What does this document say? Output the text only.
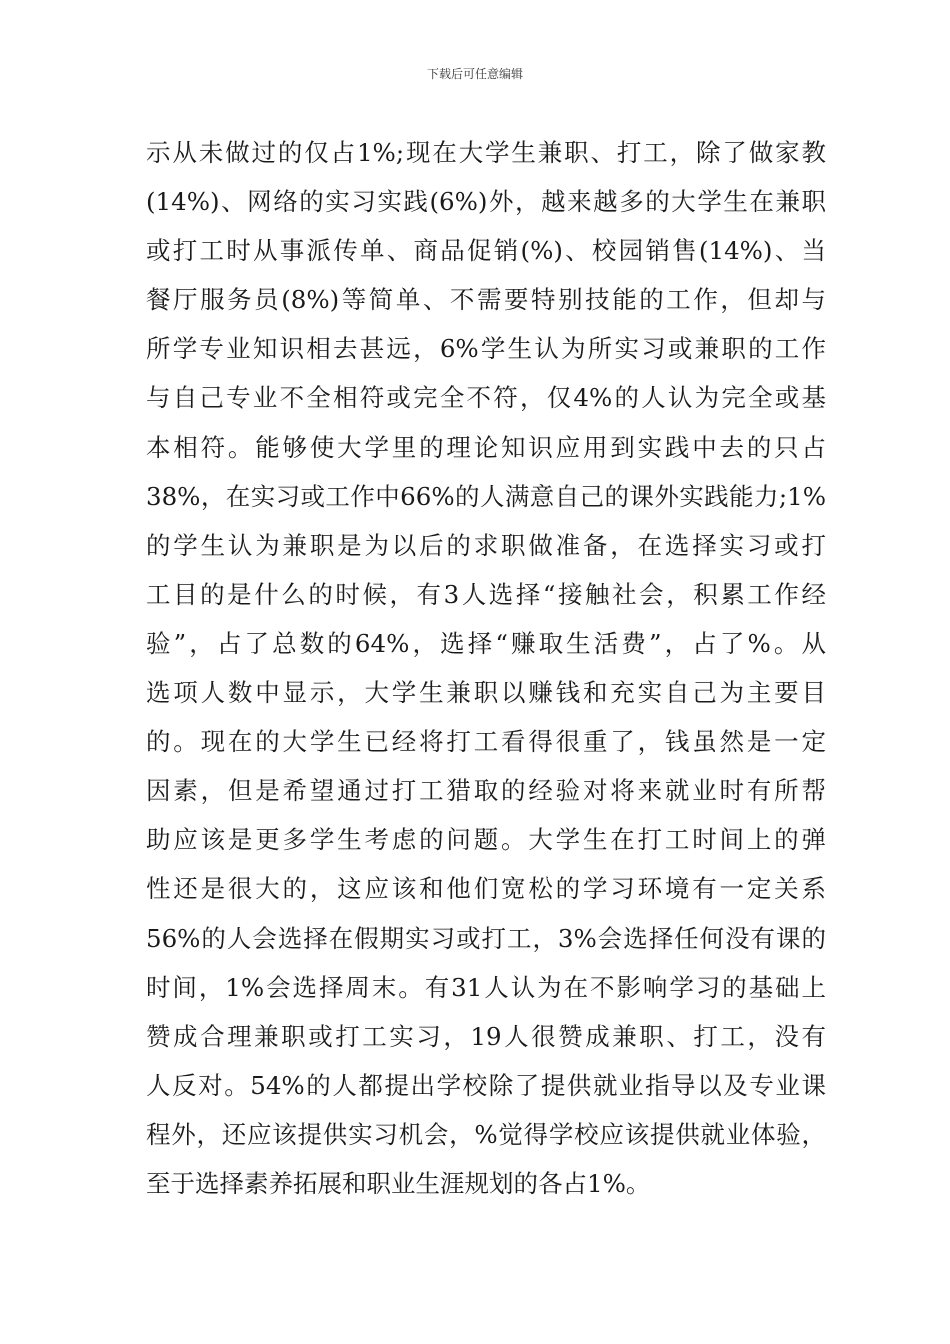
下载后可任意编辑
示从未做过的仅占1%;现在大学生兼职、打工，除了做家教
(14%)、网络的实习实践(6%)外，越来越多的大学生在兼职
或打工时从事派传单、商品促销(%)、校园销售(14%)、当
餐厅服务员(8%)等简单、不需要特别技能的工作，但却与
所学专业知识相去甚远，6%学生认为所实习或兼职的工作
与自己专业不全相符或完全不符，仅4%的人认为完全或基
本相符。能够使大学里的理论知识应用到实践中去的只占
38%，在实习或工作中66%的人满意自己的课外实践能力;1%
的学生认为兼职是为以后的求职做准备，在选择实习或打
工目的是什么的时候，有3人选择“接触社会，积累工作经
验”，占了总数的64%，选择“赚取生活费”，占了%。从
选项人数中显示，大学生兼职以赚钱和充实自己为主要目
的。现在的大学生已经将打工看得很重了，钱虽然是一定
因素，但是希望通过打工猎取的经验对将来就业时有所帮
助应该是更多学生考虑的问题。大学生在打工时间上的弹
性还是很大的，这应该和他们宽松的学习环境有一定关系
56%的人会选择在假期实习或打工，3%会选择任何没有课的
时间，1%会选择周末。有31人认为在不影响学习的基础上
赞成合理兼职或打工实习，19人很赞成兼职、打工，没有
人反对。54%的人都提出学校除了提供就业指导以及专业课
程外，还应该提供实习机会，%觉得学校应该提供就业体验，
至于选择素养拓展和职业生涯规划的各占1%。
